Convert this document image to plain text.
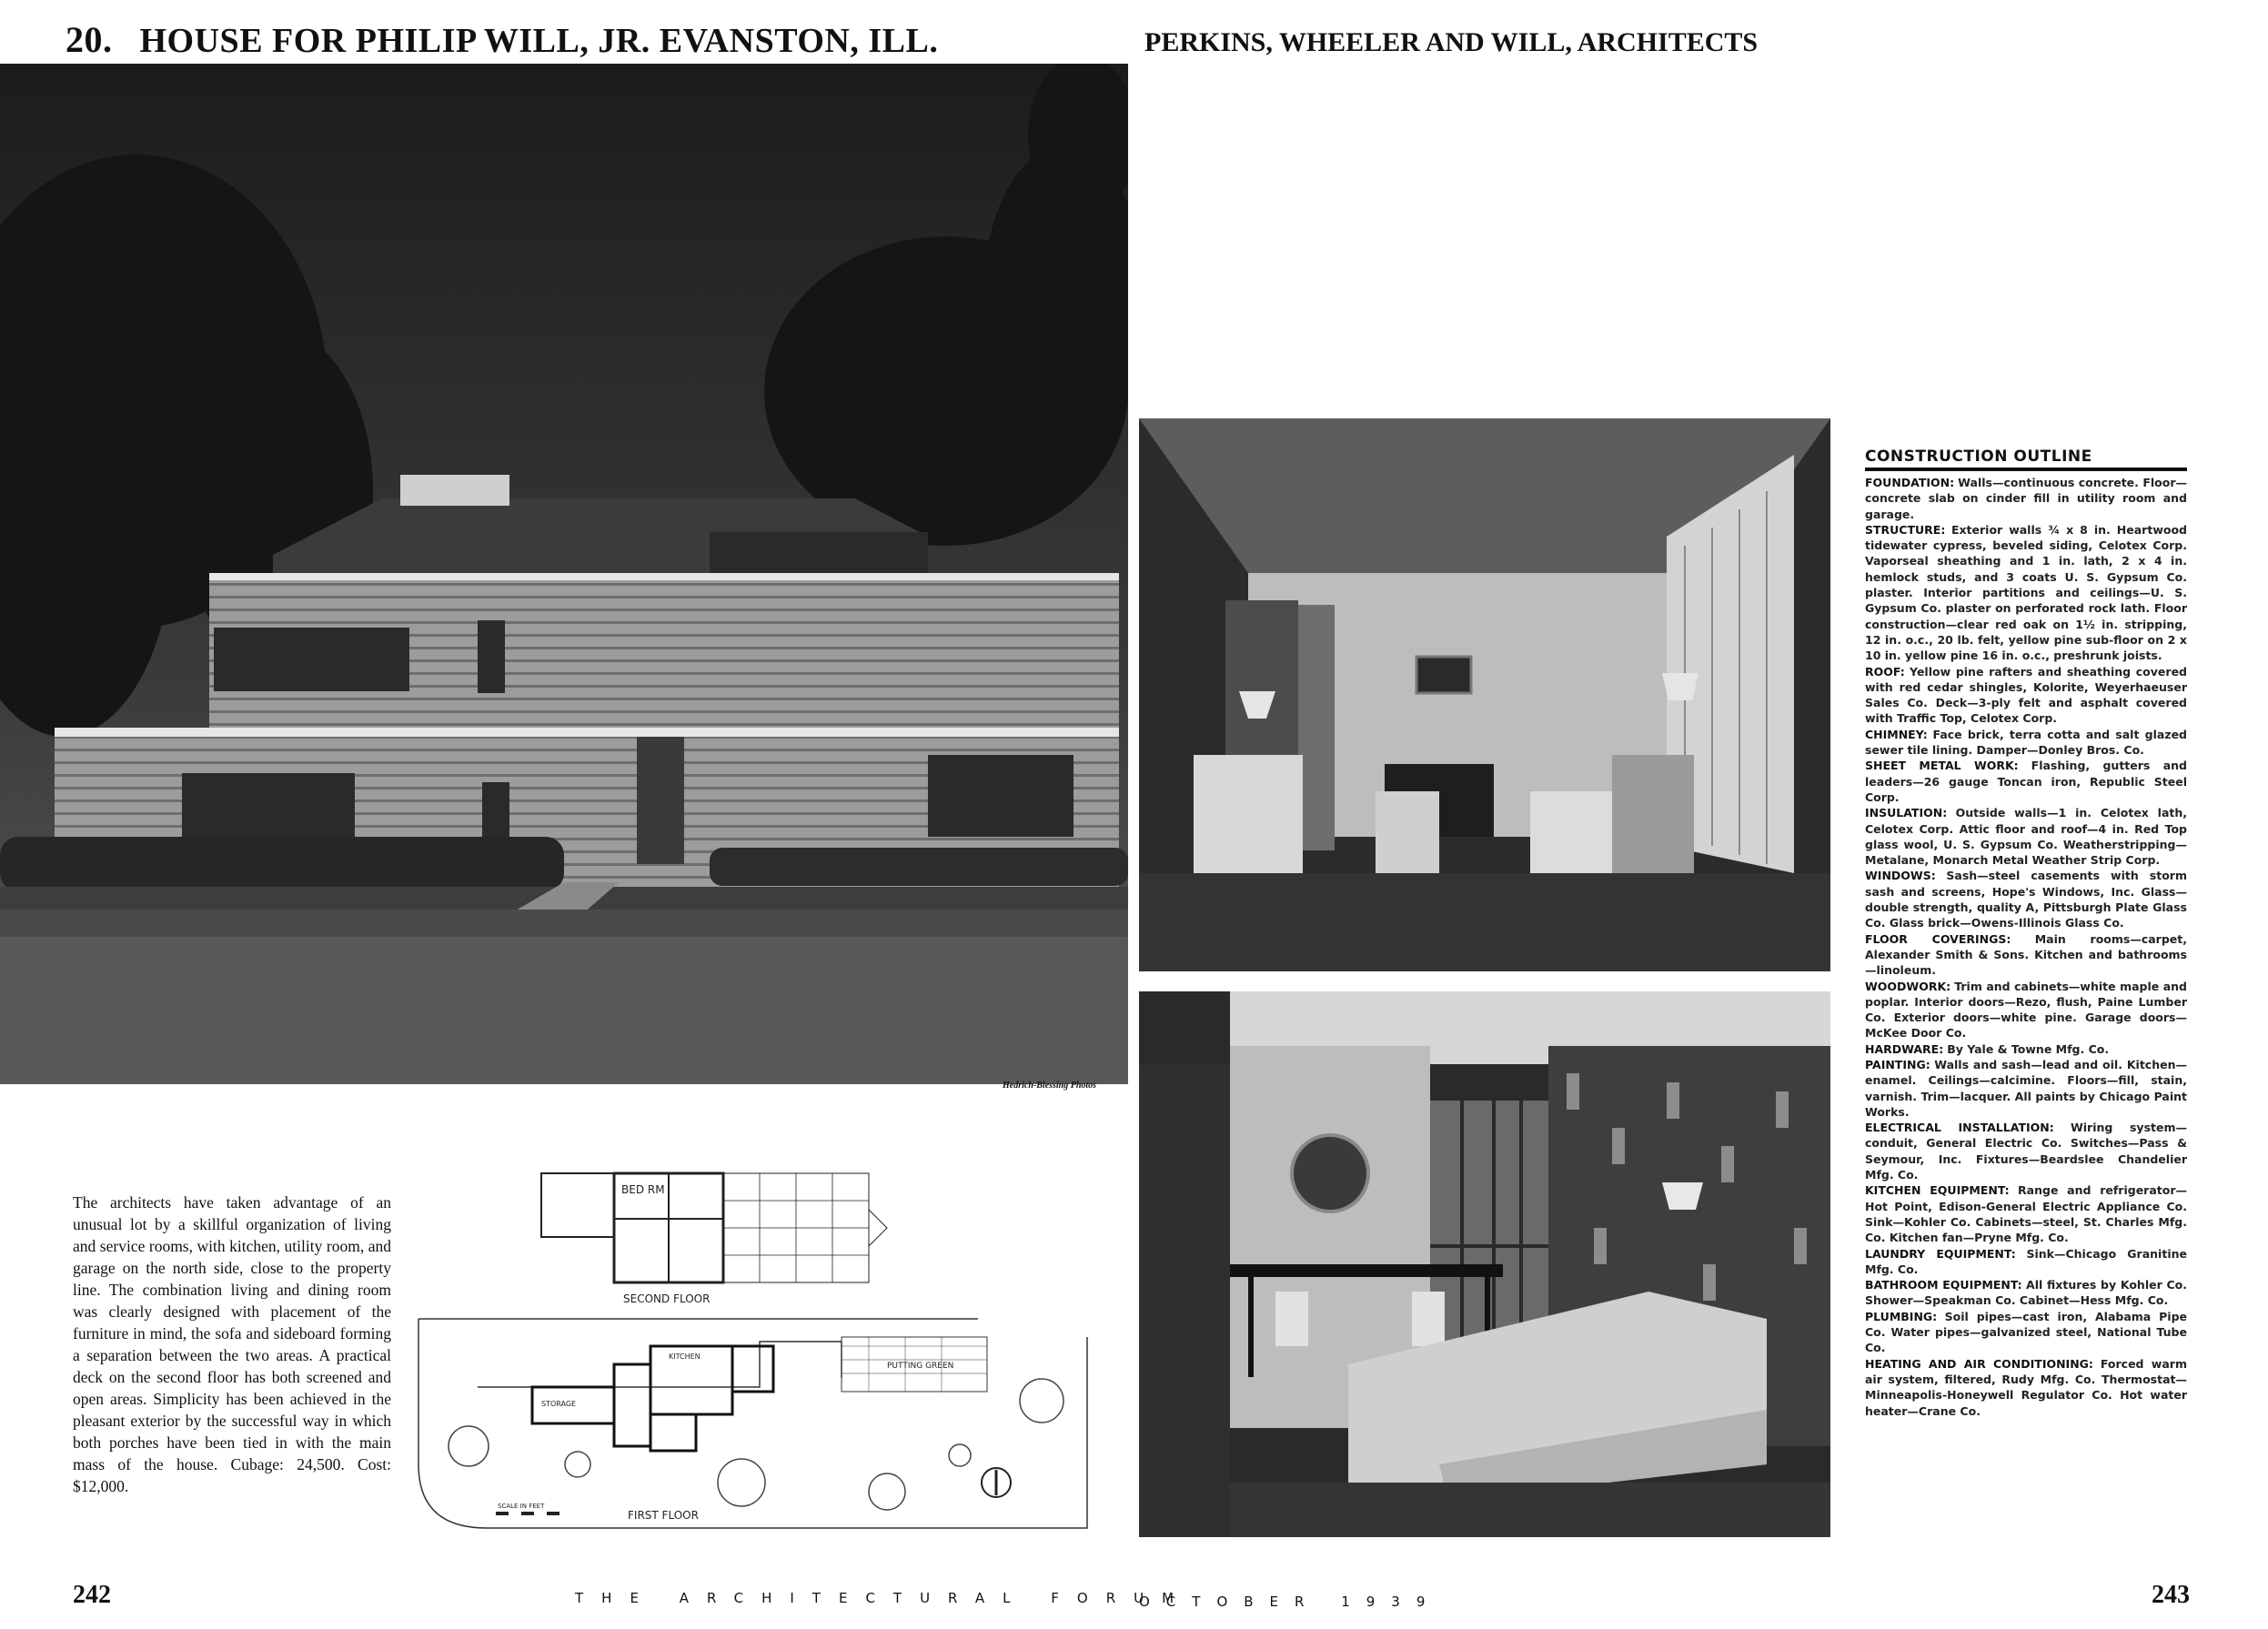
20. HOUSE FOR PHILIP WILL, JR. EVANSTON, ILL.	PERKINS, WHEELER AND WILL, ARCHITECTS
Hedrich-Blessing Photos
The architects have taken advantage of an unusual lot by a skillful organization of living and service rooms, with kitchen, utility room, and garage on the north side, close to the property line. The combination living and dining room was clearly designed with placement of the furniture in mind, the sofa and sideboard forming a separation between the two areas. A practical deck on the second floor has both screened and open areas. Simplicity has been achieved in the pleasant exterior by the successful way in which both porches have been tied in with the main mass of the house. Cubage: 24,500. Cost: $12,000.
SECOND FLOOR
BED RM
SCALE IN FEET
FIRST FLOOR
PUTTING GREEN
KITCHEN
STORAGE
CONSTRUCTION OUTLINE

FOUNDATION: Walls—continuous concrete. Floor—concrete slab on cinder fill in utility room and garage.

STRUCTURE: Exterior walls ¾ x 8 in. Heartwood tidewater cypress, beveled siding, Celotex Corp. Vaporseal sheathing and 1 in. lath, 2 x 4 in. hemlock studs, and 3 coats U. S. Gypsum Co. plaster. Interior partitions and ceilings—U. S. Gypsum Co. plaster on perforated rock lath. Floor construction—clear red oak on 1½ in. stripping, 12 in. o.c., 20 lb. felt, yellow pine sub-floor on 2 x 10 in. yellow pine 16 in. o.c., preshrunk joists.

ROOF: Yellow pine rafters and sheathing covered with red cedar shingles, Kolorite, Weyerhaeuser Sales Co. Deck—3-ply felt and asphalt covered with Traffic Top, Celotex Corp.

CHIMNEY: Face brick, terra cotta and salt glazed sewer tile lining. Damper—Donley Bros. Co.

SHEET METAL WORK: Flashing, gutters and leaders—26 gauge Toncan iron, Republic Steel Corp.

INSULATION: Outside walls—1 in. Celotex lath, Celotex Corp. Attic floor and roof—4 in. Red Top glass wool, U. S. Gypsum Co. Weatherstripping—Metalane, Monarch Metal Weather Strip Corp.

WINDOWS: Sash—steel casements with storm sash and screens, Hope's Windows, Inc. Glass—double strength, quality A, Pittsburgh Plate Glass Co. Glass brick—Owens-Illinois Glass Co.

FLOOR COVERINGS: Main rooms—carpet, Alexander Smith & Sons. Kitchen and bathrooms—linoleum.

WOODWORK: Trim and cabinets—white maple and poplar. Interior doors—Rezo, flush, Paine Lumber Co. Exterior doors—white pine. Garage doors—McKee Door Co.

HARDWARE: By Yale & Towne Mfg. Co.

PAINTING: Walls and sash—lead and oil. Kitchen—enamel. Ceilings—calcimine. Floors—fill, stain, varnish. Trim—lacquer. All paints by Chicago Paint Works.

ELECTRICAL INSTALLATION: Wiring system—conduit, General Electric Co. Switches—Pass & Seymour, Inc. Fixtures—Beardslee Chandelier Mfg. Co.

KITCHEN EQUIPMENT: Range and refrigerator—Hot Point, Edison-General Electric Appliance Co. Sink—Kohler Co. Cabinets—steel, St. Charles Mfg. Co. Kitchen fan—Pryne Mfg. Co.

LAUNDRY EQUIPMENT: Sink—Chicago Granitine Mfg. Co.

BATHROOM EQUIPMENT: All fixtures by Kohler Co. Shower—Speakman Co. Cabinet—Hess Mfg. Co.

PLUMBING: Soil pipes—cast iron, Alabama Pipe Co. Water pipes—galvanized steel, National Tube Co.

HEATING AND AIR CONDITIONING: Forced warm air system, filtered, Rudy Mfg. Co. Thermostat—Minneapolis-Honeywell Regulator Co. Hot water heater—Crane Co.

242	THE ARCHITECTURAL FORUM
OCTOBER 1939	243
